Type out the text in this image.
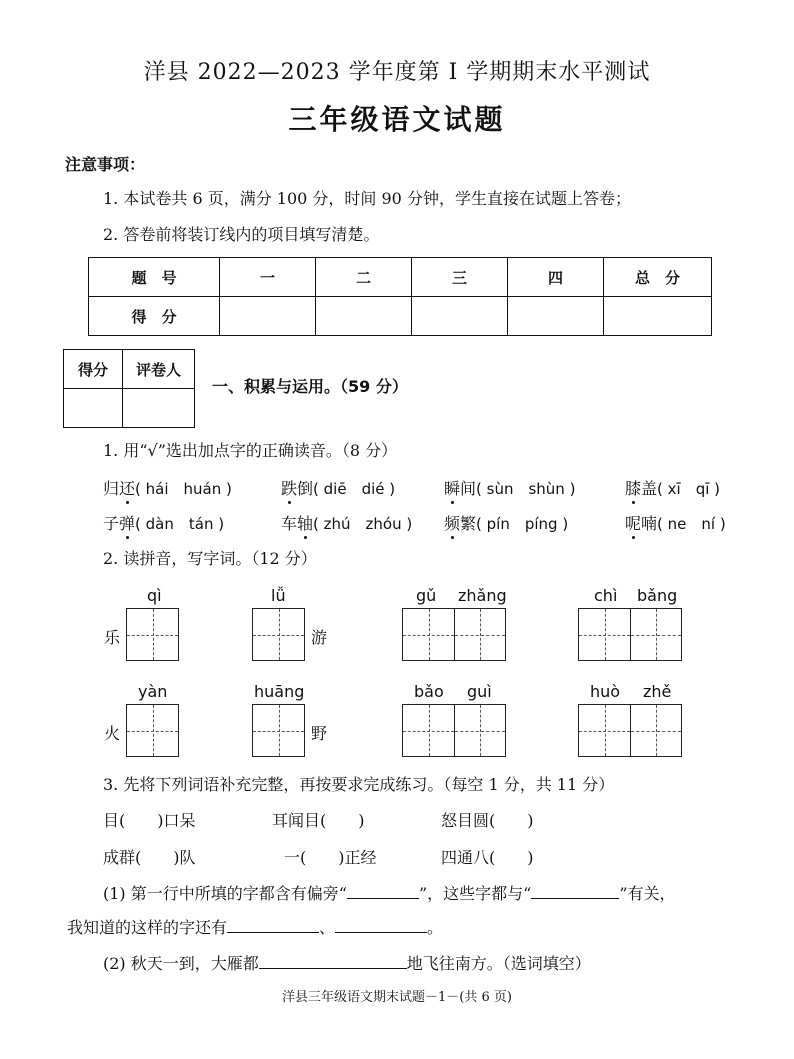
洋县 2022—2023 学年度第 Ⅰ 学期期末水平测试
三年级语文试题
注意事项：
1. 本试卷共 6 页，满分 100 分，时间 90 分钟，学生直接在试题上答卷；
2. 答卷前将装订线内的项目填写清楚。
题　号	一	二	三	四	总　分
得　分					
得分	评卷人

一、积累与运用。（59 分）
1. 用“√”选出加点字的正确读音。（8 分）
归还( hái　huán )	跌倒( diē　dié )	瞬间( sùn　shùn )	膝盖( xī　qī )
子弹( dàn　tán )	车轴( zhú　zhóu ) 频繁( pín　píng )	呢喃( ne　ní )
2. 读拼音，写字词。（12 分）
qì	lǚ	gǔ zhǎng	chì bǎng
乐	游
yàn	huāng	bǎo guì	huò zhě
火	野
3. 先将下列词语补充完整，再按要求完成练习。（每空 1 分，共 11 分）
目(　　)口呆	耳闻目(　　)	怒目圆(　　)
成群(　　)队	一(　　)正经	四通八(　　)
(1) 第一行中所填的字都含有偏旁“	”，这些字都与“	”有关，
我知道的这样的字还有	、	。
(2) 秋天一到，大雁都	地飞往南方。（选词填空）
洋县三年级语文期末试题－1－(共 6 页)
